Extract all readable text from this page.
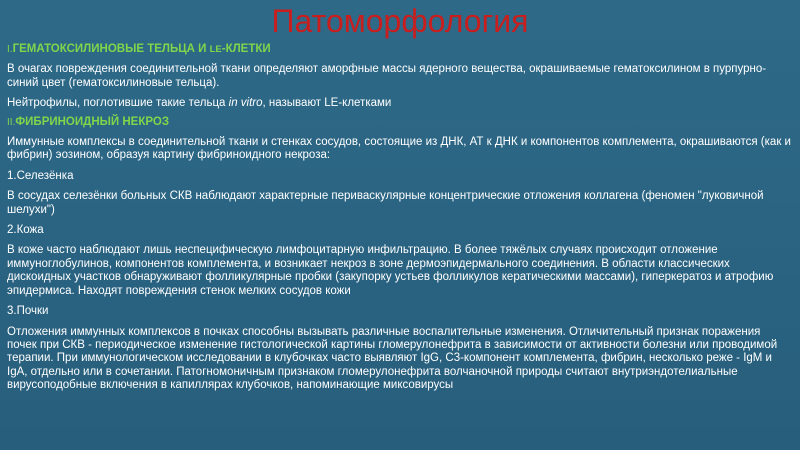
Патоморфология
I.ГЕМАТОКСИЛИНОВЫЕ ТЕЛЬЦА И LE-КЛЕТКИ
В очагах повреждения соединительной ткани определяют аморфные массы ядерного вещества, окрашиваемые гематоксилином в пурпурно-синий цвет (гематоксилиновые тельца).
Нейтрофилы, поглотившие такие тельца in vitro, называют LE-клетками
II.ФИБРИНОИДНЫЙ НЕКРОЗ
Иммунные комплексы в соединительной ткани и стенках сосудов, состоящие из ДНК, АТ к ДНК и компонентов комплемента, окрашиваются (как и фибрин) эозином, образуя картину фибриноидного некроза:
1.Селезёнка
В сосудах селезёнки больных СКВ наблюдают характерные периваскулярные концентрические отложения коллагена (феномен "луковичной шелухи")
2.Кожа
В коже часто наблюдают лишь неспецифическую лимфоцитарную инфильтрацию. В более тяжёлых случаях происходит отложение иммуноглобулинов, компонентов комплемента, и возникает некроз в зоне дермоэпидермального соединения. В области классических дискоидных участков обнаруживают фолликулярные пробки (закупорку устьев фолликулов кератическими массами), гиперкератоз и атрофию эпидермиса. Находят повреждения стенок мелких сосудов кожи
3.Почки
Отложения иммунных комплексов в почках способны вызывать различные воспалительные изменения. Отличительный признак поражения почек при СКВ - периодическое изменение гистологической картины гломерулонефрита в зависимости от активности болезни или проводимой терапии. При иммунологическом исследовании в клубочках часто выявляют IgG, C3-компонент комплемента, фибрин, несколько реже - IgM и IgA, отдельно или в сочетании. Патогномоничным признаком гломерулонефрита волчаночной природы считают внутриэндотелиальные вирусоподобные включения в капиллярах клубочков, напоминающие миксовирусы
